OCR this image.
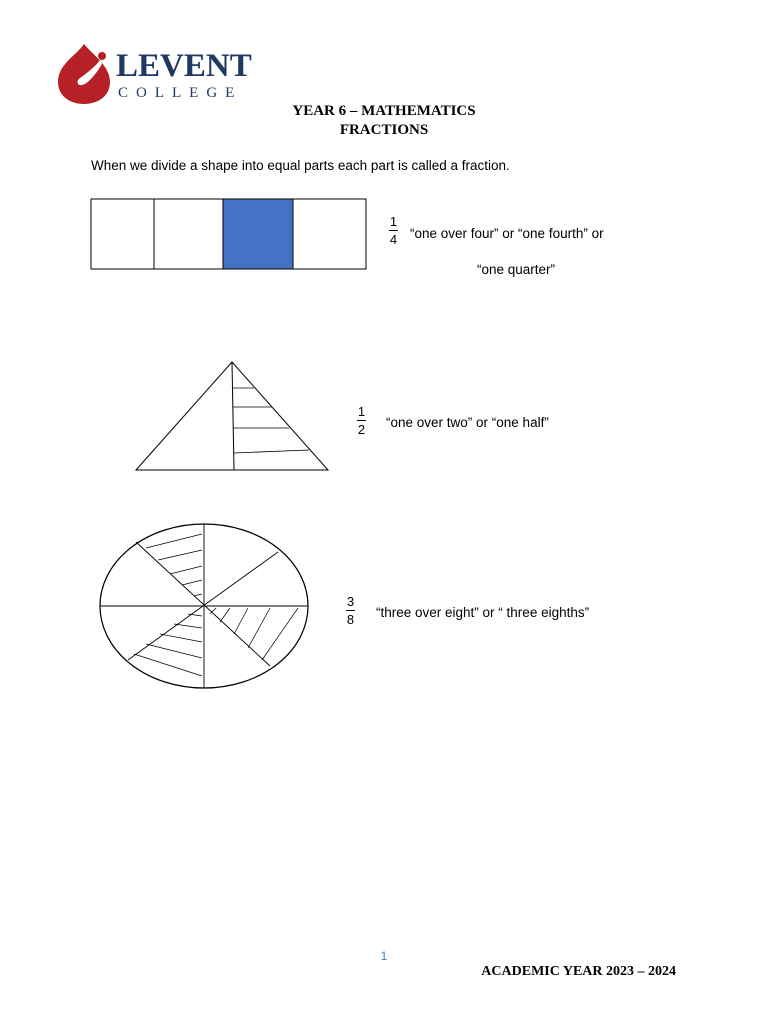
LEVENT
COLLEGE
YEAR 6 – MATHEMATICS
FRACTIONS
When we divide a shape into equal parts each part is called a fraction.
1
4 “one over four” or “one fourth” or
“one quarter”
1
2 “one over two” or “one half”
3
8 “three over eight” or “ three eighths”
1
ACADEMIC YEAR 2023 – 2024
